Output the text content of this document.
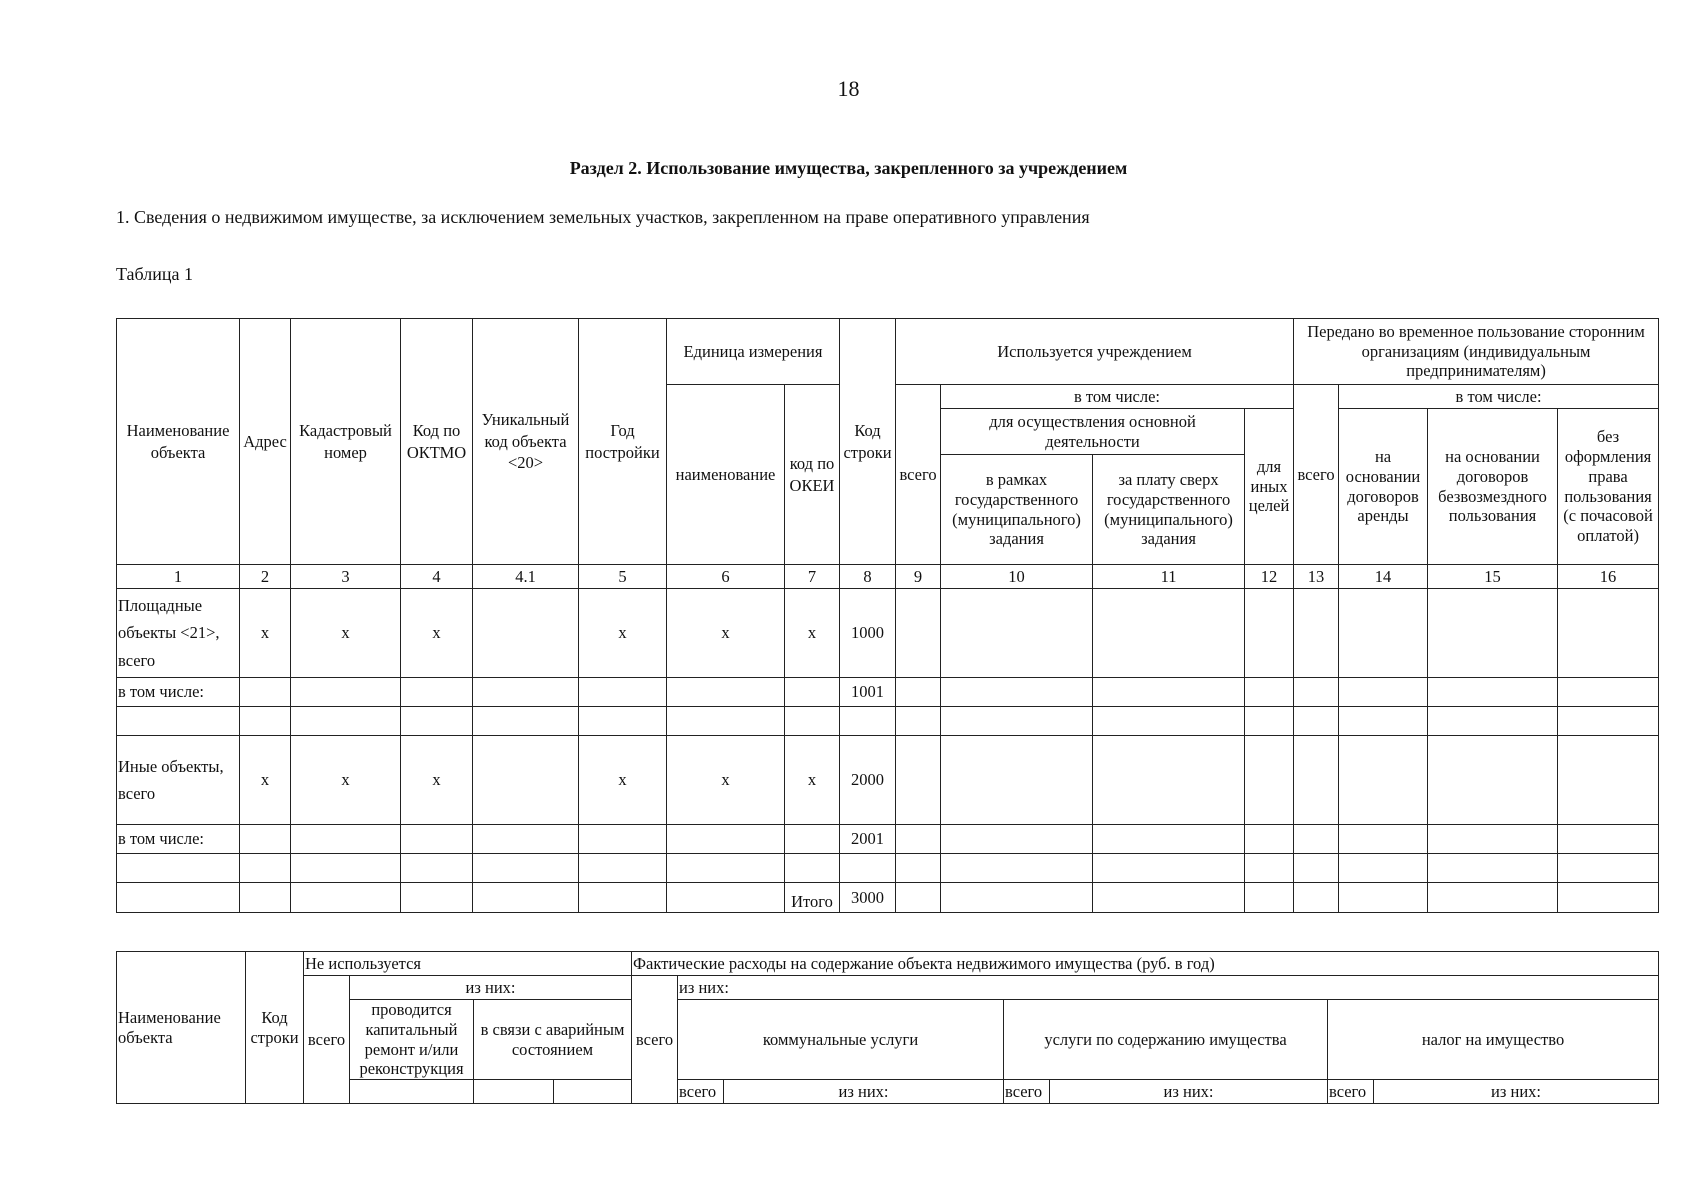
18
Раздел 2. Использование имущества, закрепленного за учреждением
1. Сведения о недвижимом имуществе, за исключением земельных участков, закрепленном на праве оперативного управления
Таблица 1
Наименование объекта	Адрес	Кадастровый номер	Код по ОКТМО	Уникальный код объекта <20>	Год постройки	Единица измерения		Код строки	Используется учреждением				Передано во временное пользование сторонним организациям (индивидуальным предпринимателям)			
						наименование	код по ОКЕИ		всего	в том числе:			всего	в том числе:		
										для осуществления основной деятельности		для иных целей		на основании договоров аренды	на основании договоров безвозмездного пользования	без оформления права пользования (с почасовой оплатой)
										в рамках государственного (муниципального) задания	за плату сверх государственного (муниципального) задания					
1	2	3	4	4.1	5	6	7	8	9	10	11	12	13	14	15	16
Площадные объекты <21>, всего	x	x	x		x	x	x	1000								
в том числе:								1001								

Иные объекты, всего	x	x	x		x	x	x	2000								
в том числе:								2001								

							Итого	3000								
Наименование объекта	Код строки	Не используется				Фактические расходы на содержание объекта недвижимого имущества (руб. в год)						
		всего	из них:			всего	из них:					
			проводится капитальный ремонт и/или реконструкция	в связи с аварийным состоянием			коммунальные услуги		услуги по содержанию имущества		налог на имущество	

							всего	из них:	всего	из них:	всего	из них:
